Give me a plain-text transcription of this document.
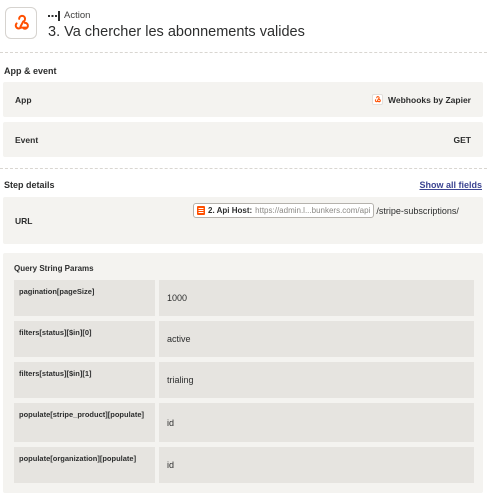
Action
3. Va chercher les abonnements valides
App & event
App	Webhooks by Zapier
Event	GET
Step details	Show all fields
URL
2. Api Host: https://admin.l...bunkers.com/api /stripe-subscriptions/
Query String Params
pagination[pageSize]
1000
filters[status][$in][0]
active
filters[status][$in][1]
trialing
populate[stripe_product][populate]
id
populate[organization][populate]
id
